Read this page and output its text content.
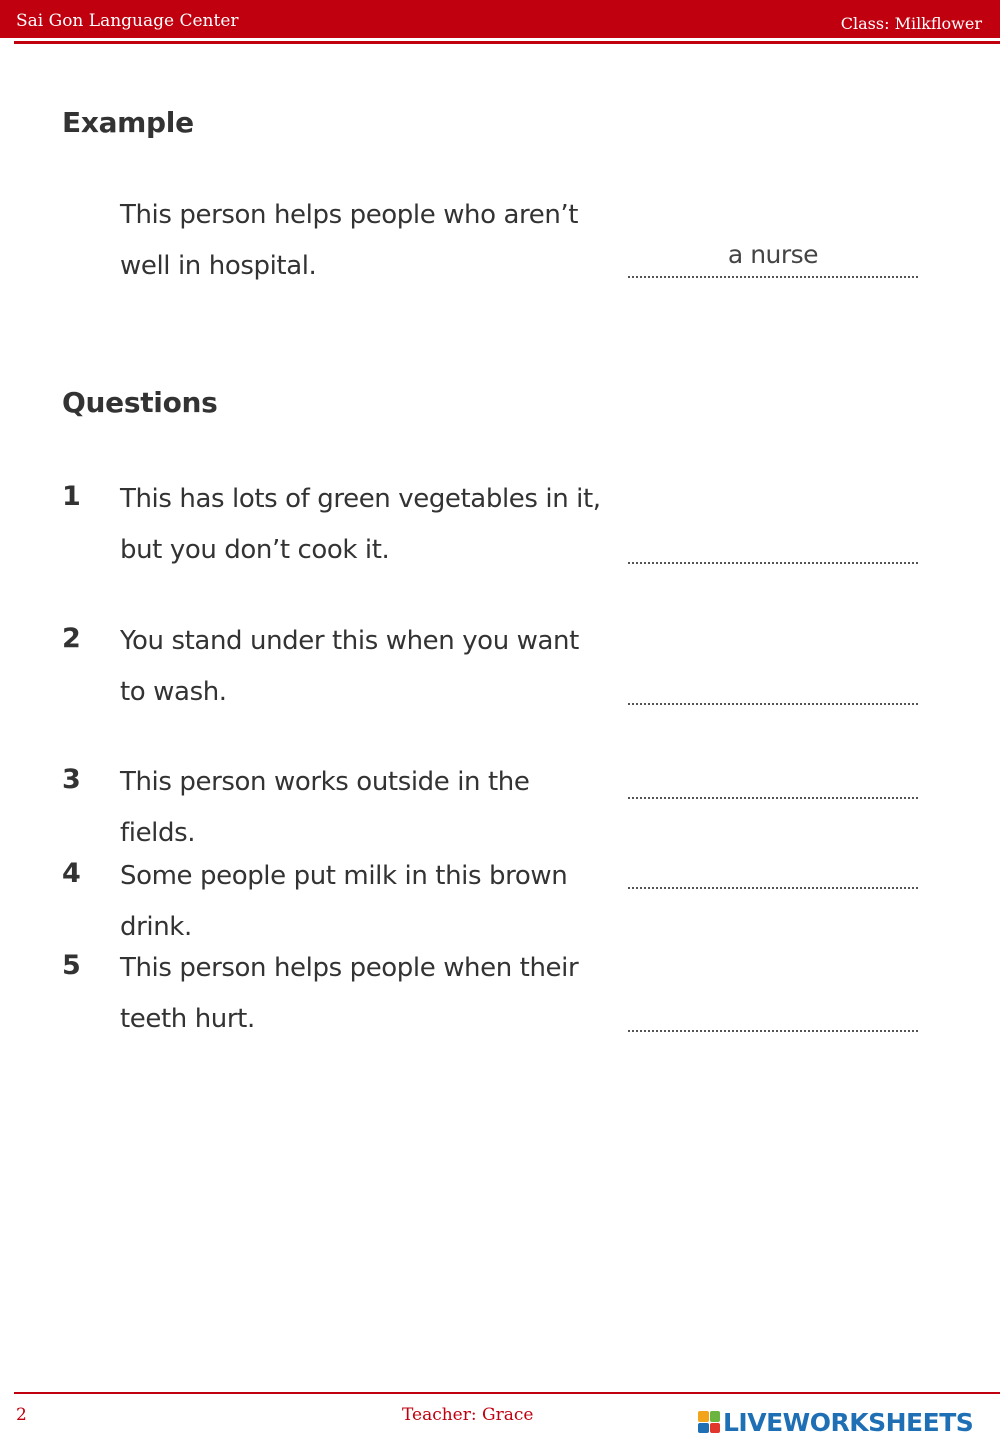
Sai Gon Language Center	Class: Milkflower
Example
This person helps people who aren’t
well in hospital.	a nurse
Questions
1 This has lots of green vegetables in it,
but you don’t cook it.
2 You stand under this when you want
to wash.
3 This person works outside in the fields.
4 Some people put milk in this brown drink.
5 This person helps people when their
teeth hurt.
2	Teacher: Grace	LIVEWORKSHEETS
